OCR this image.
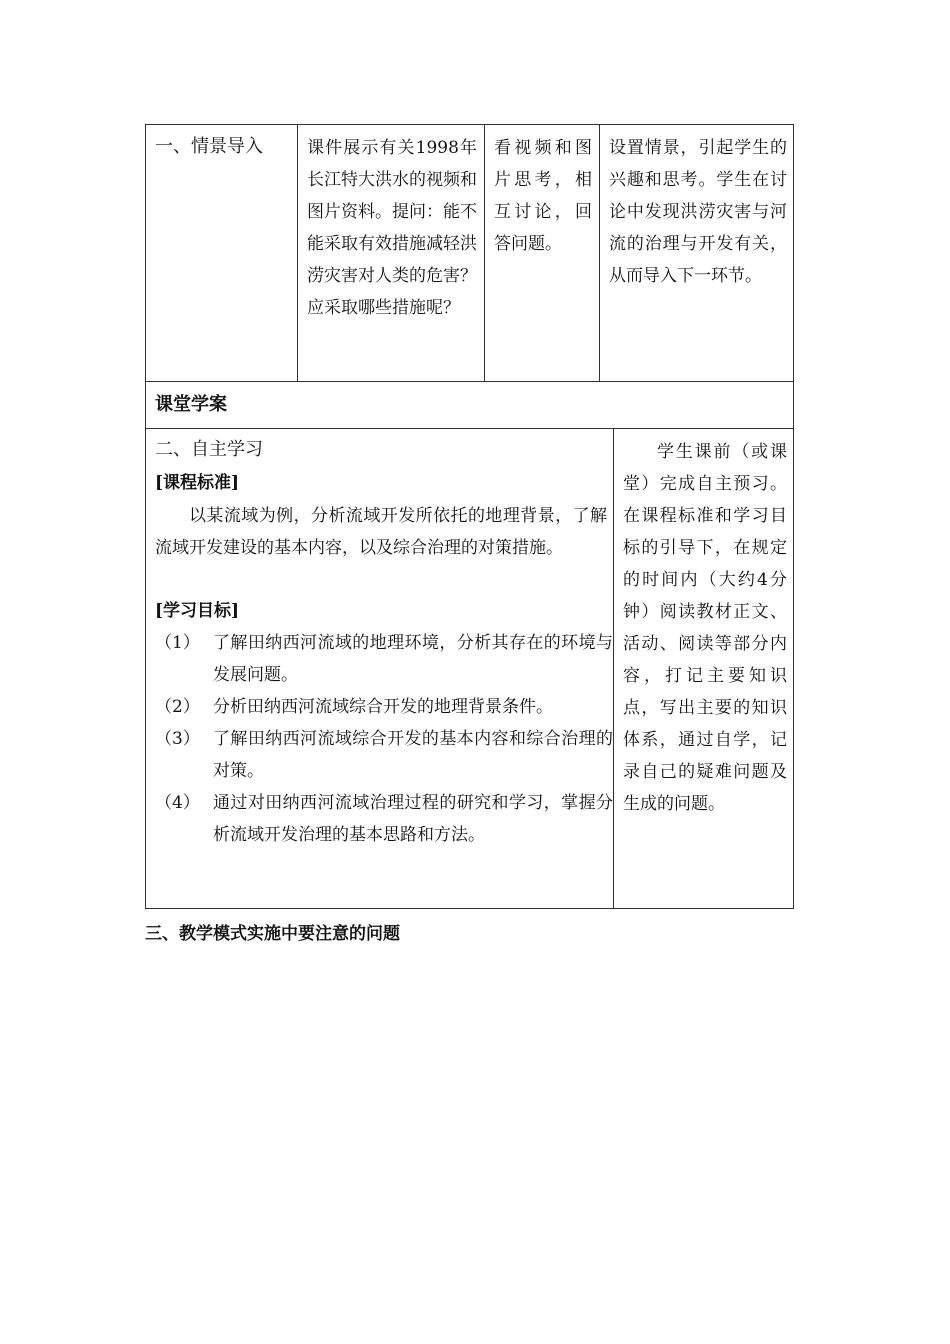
一、情景导入	课件展示有关1998年长江特大洪水的视频和图片资料。提问：能不能采取有效措施减轻洪涝灾害对人类的危害？应采取哪些措施呢？
看视频和图片思考，相互讨论，回答问题。
设置情景，引起学生的兴趣和思考。学生在讨论中发现洪涝灾害与河流的治理与开发有关，从而导入下一环节。
课堂学案
二、自主学习
[课程标准]
以某流域为例，分析流域开发所依托的地理背景，了解流域开发建设的基本内容，以及综合治理的对策措施。
[学习目标]
（1） 了解田纳西河流域的地理环境，分析其存在的环境与发展问题。
（2） 分析田纳西河流域综合开发的地理背景条件。
（3） 了解田纳西河流域综合开发的基本内容和综合治理的对策。
（4） 通过对田纳西河流域治理过程的研究和学习，掌握分析流域开发治理的基本思路和方法。
学生课前（或课堂）完成自主预习。在课程标准和学习目标的引导下，在规定的时间内（大约4分钟）阅读教材正文、活动、阅读等部分内容，打记主要知识点，写出主要的知识体系，通过自学，记录自己的疑难问题及生成的问题。
三、教学模式实施中要注意的问题
